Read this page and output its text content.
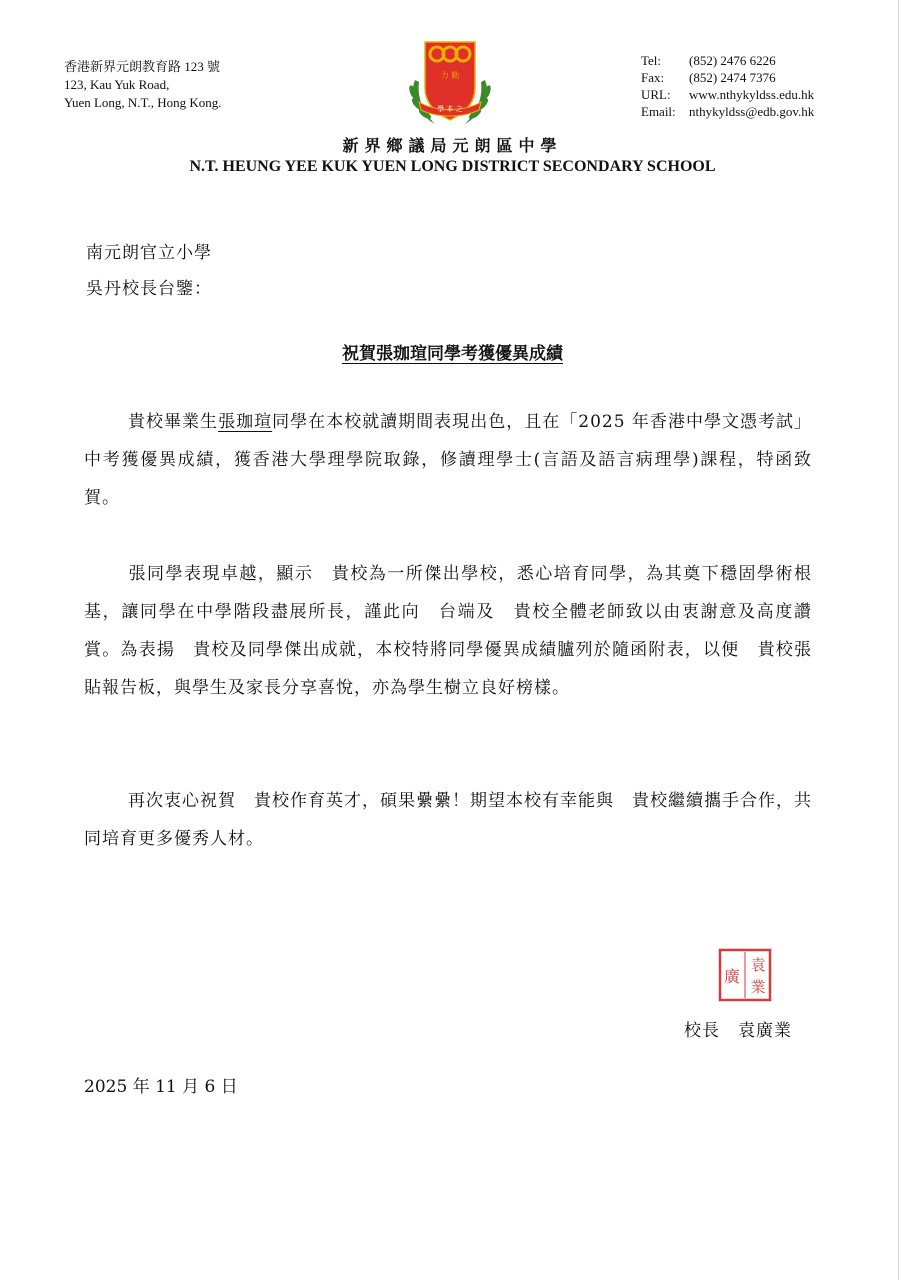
香港新界元朗教育路 123 號
123, Kau Yuk Road,
Yuen Long, N.T., Hong Kong.
力 勤
學 本 之
Tel: (852) 2476 6226
Fax: (852) 2474 7376
URL: www.nthykyldss.edu.hk
Email: nthykyldss@edb.gov.hk
新界鄉議局元朗區中學
N.T. HEUNG YEE KUK YUEN LONG DISTRICT SECONDARY SCHOOL
南元朗官立小學
吳丹校長台鑒：
祝賀張珈瑄同學考獲優異成績
貴校畢業生張珈瑄同學在本校就讀期間表現出色，且在「2025 年香港中學文憑考試」中考獲優異成績，獲香港大學理學院取錄，修讀理學士(言語及語言病理學)課程，特函致賀。
張同學表現卓越，顯示　貴校為一所傑出學校，悉心培育同學，為其奠下穩固學術根基，讓同學在中學階段盡展所長，謹此向　台端及　貴校全體老師致以由衷謝意及高度讚賞。為表揚　貴校及同學傑出成就，本校特將同學優異成績臚列於隨函附表，以便　貴校張貼報告板，與學生及家長分享喜悅，亦為學生樹立良好榜樣。
再次衷心祝賀　貴校作育英才，碩果纍纍！期望本校有幸能與　貴校繼續攜手合作，共同培育更多優秀人材。
廣
袁
業
校長　袁廣業
2025 年 11 月 6 日
